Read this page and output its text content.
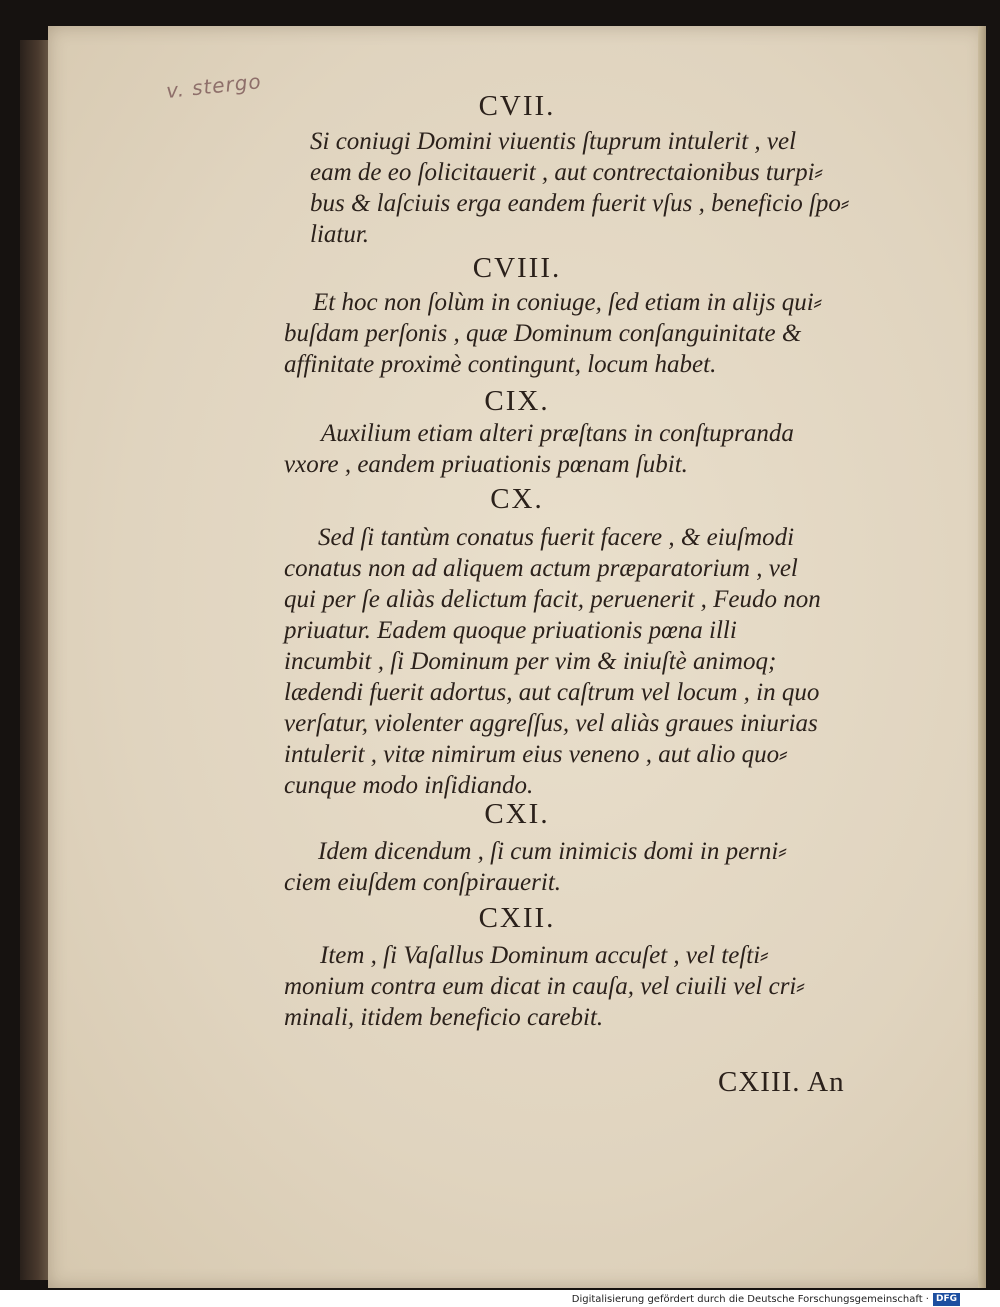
v. stergo
CVII.
Si coniugi Domini viuentis ſtuprum intulerit , vel
eam de eo ſolicitauerit , aut contrectaionibus turpi⸗
bus & laſciuis erga eandem fuerit vſus , beneficio ſpo⸗
liatur.
CVIII.
Et hoc non ſolùm in coniuge, ſed etiam in alijs qui⸗
buſdam perſonis , quæ Dominum conſanguinitate &
affinitate proximè contingunt, locum habet.
CIX.
Auxilium etiam alteri præſtans in conſtupranda
vxore , eandem priuationis pœnam ſubit.
CX.
Sed ſi tantùm conatus fuerit facere , & eiuſmodi
conatus non ad aliquem actum præparatorium , vel
qui per ſe aliàs delictum facit, peruenerit , Feudo non
priuatur. Eadem quoque priuationis pœna illi
incumbit , ſi Dominum per vim & iniuſtè animoq;
lædendi fuerit adortus, aut caſtrum vel locum , in quo
verſatur, violenter aggreſſus, vel aliàs graues iniurias
intulerit , vitæ nimirum eius veneno , aut alio quo⸗
cunque modo inſidiando.
CXI.
Idem dicendum , ſi cum inimicis domi in perni⸗
ciem eiuſdem conſpirauerit.
CXII.
Item , ſi Vaſallus Dominum accuſet , vel teſti⸗
monium contra eum dicat in cauſa, vel ciuili vel cri⸗
minali, itidem beneficio carebit.
CXIII. An
Digitalisierung gefördert durch die Deutsche Forschungsgemeinschaft · DFG
